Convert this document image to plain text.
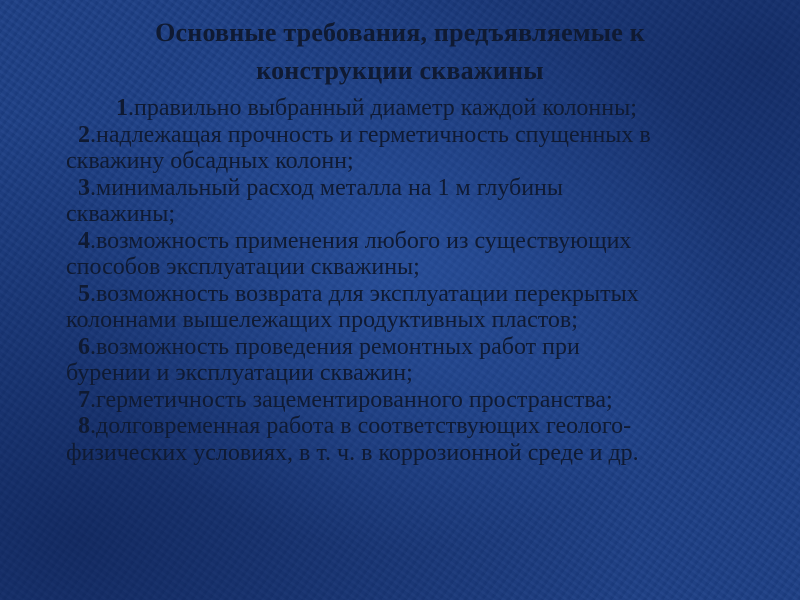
Основные требования, предъявляемые к
конструкции скважины

1.правильно выбранный диаметр каждой колонны;

2.надлежащая прочность и герметичность спущенных в
скважину обсадных колонн;

3.минимальный расход металла на 1 м глубины
скважины;

4.возможность применения любого из существующих
способов эксплуатации скважины;

5.возможность возврата для эксплуатации перекрытых
колоннами вышележащих продуктивных пластов;

6.возможность проведения ремонтных работ при
бурении и эксплуатации скважин;

7.герметичность зацементированного пространства;

8.долговременная работа в соответствующих геолого-
физических условиях, в т. ч. в коррозионной среде и др.
